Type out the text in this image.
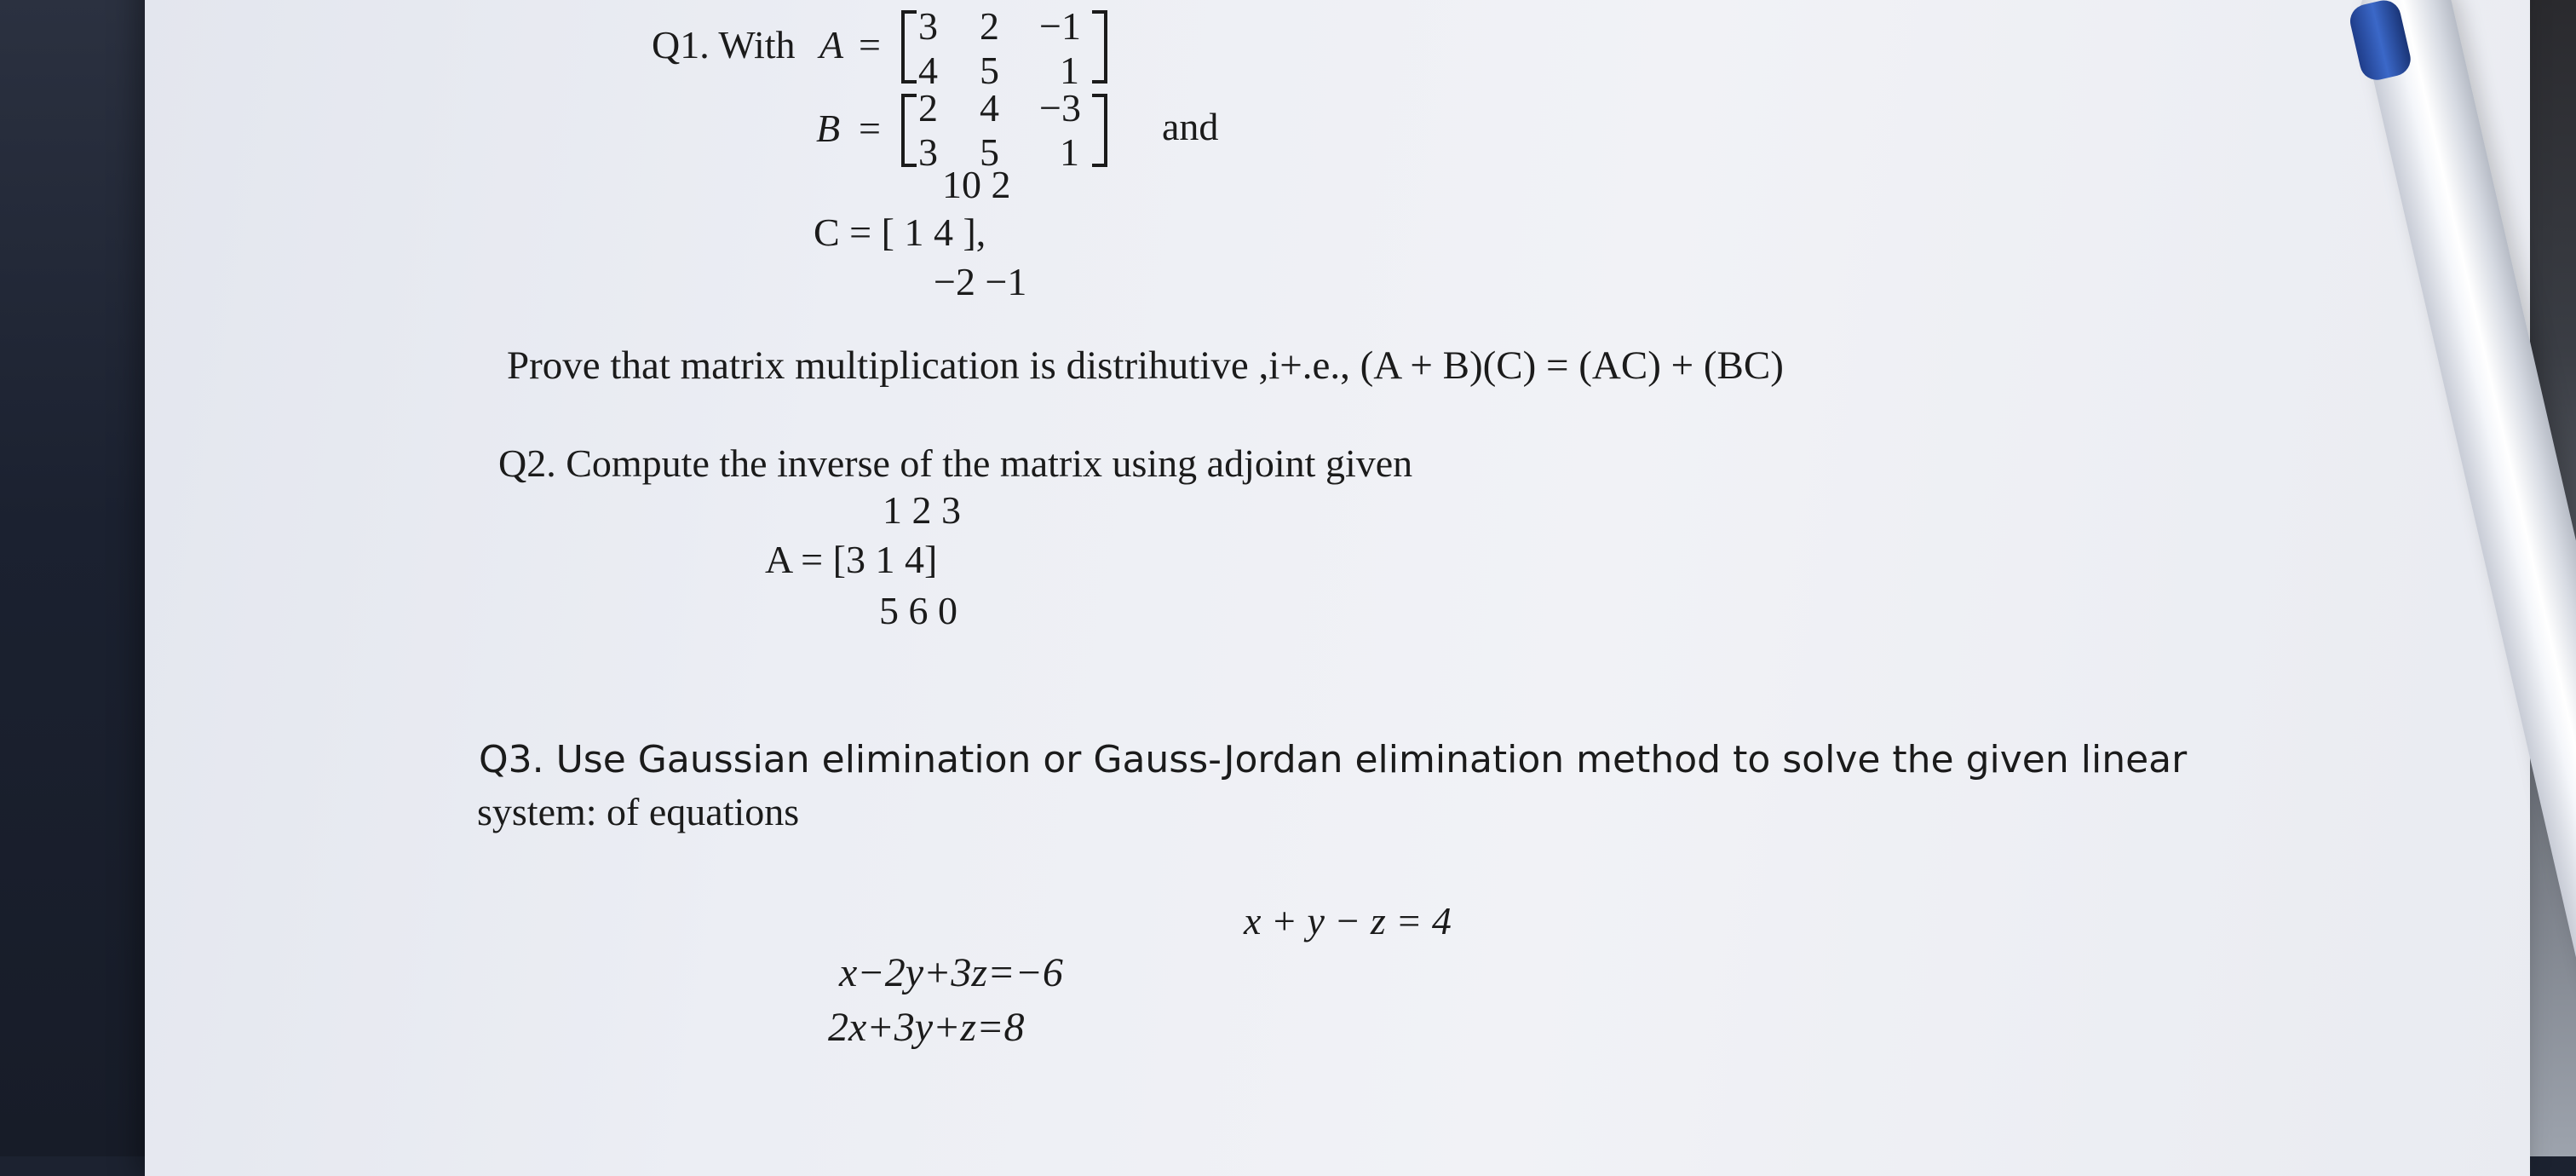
Q1. With A = 3 2 −1
4 5 1
B = 2 4 −3
3 5 1
and
10 2
C = [ 1 4 ],
−2 −1
Prove that matrix multiplication is distrihutive ,i+.e., (A + B)(C) = (AC) + (BC)
Q2. Compute the inverse of the matrix using adjoint given
1 2 3
A = [3 1 4]
5 6 0
Q3. Use Gaussian elimination or Gauss-Jordan elimination method to solve the given linear
system: of equations
x + y − z = 4
x−2y+3z=−6
2x+3y+z=8
